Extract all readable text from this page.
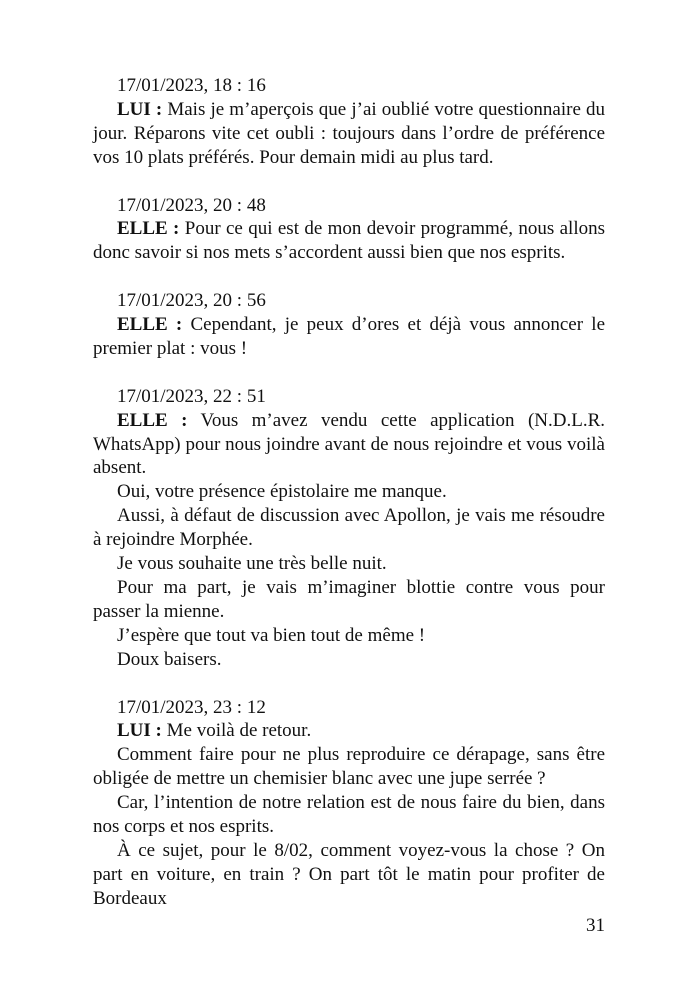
17/01/2023, 18 : 16

LUI : Mais je m’aperçois que j’ai oublié votre questionnaire du jour. Réparons vite cet oubli : toujours dans l’ordre de préférence vos 10 plats préférés. Pour demain midi au plus tard.

17/01/2023, 20 : 48

ELLE : Pour ce qui est de mon devoir programmé, nous allons donc savoir si nos mets s’accordent aussi bien que nos esprits.

17/01/2023, 20 : 56

ELLE : Cependant, je peux d’ores et déjà vous annoncer le premier plat : vous !

17/01/2023, 22 : 51

ELLE : Vous m’avez vendu cette application (N.D.L.R. WhatsApp) pour nous joindre avant de nous rejoindre et vous voilà absent.

Oui, votre présence épistolaire me manque.

Aussi, à défaut de discussion avec Apollon, je vais me résoudre à rejoindre Morphée.

Je vous souhaite une très belle nuit.

Pour ma part, je vais m’imaginer blottie contre vous pour passer la mienne.

J’espère que tout va bien tout de même !

Doux baisers.

17/01/2023, 23 : 12

LUI : Me voilà de retour.

Comment faire pour ne plus reproduire ce dérapage, sans être obligée de mettre un chemisier blanc avec une jupe serrée ?

Car, l’intention de notre relation est de nous faire du bien, dans nos corps et nos esprits.

À ce sujet, pour le 8/02, comment voyez-vous la chose ? On part en voiture, en train ? On part tôt le matin pour profiter de Bordeaux

31
